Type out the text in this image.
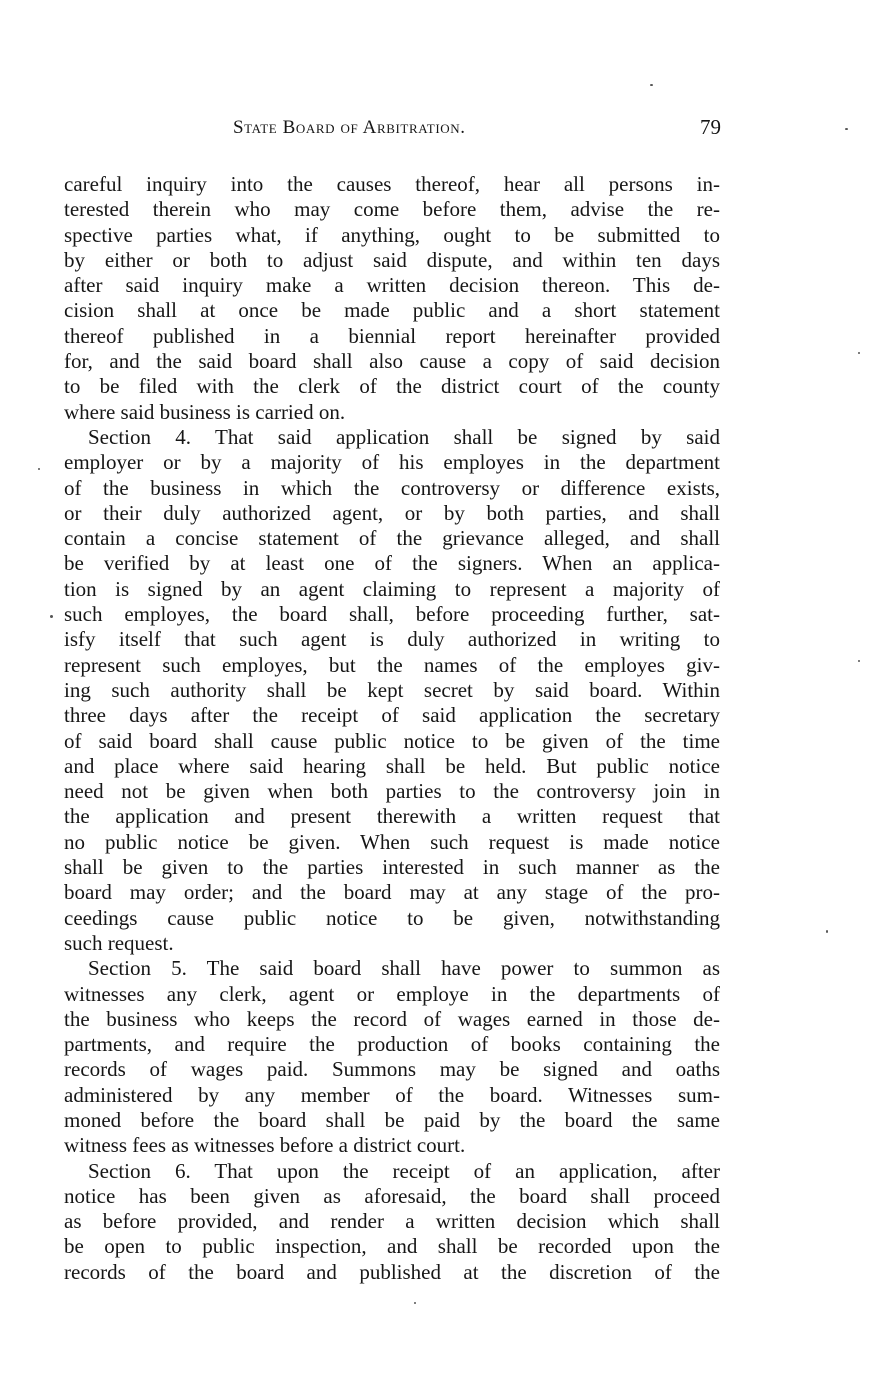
State Board of Arbitration.	79
careful inquiry into the causes thereof, hear all persons in-
terested therein who may come before them, advise the re-
spective parties what, if anything, ought to be submitted to
by either or both to adjust said dispute, and within ten days
after said inquiry make a written decision thereon. This de-
cision shall at once be made public and a short statement
thereof published in a biennial report hereinafter provided
for, and the said board shall also cause a copy of said decision
to be filed with the clerk of the district court of the county
where said business is carried on.
Section 4. That said application shall be signed by said
employer or by a majority of his employes in the department
of the business in which the controversy or difference exists,
or their duly authorized agent, or by both parties, and shall
contain a concise statement of the grievance alleged, and shall
be verified by at least one of the signers. When an applica-
tion is signed by an agent claiming to represent a majority of
such employes, the board shall, before proceeding further, sat-
isfy itself that such agent is duly authorized in writing to
represent such employes, but the names of the employes giv-
ing such authority shall be kept secret by said board. Within
three days after the receipt of said application the secretary
of said board shall cause public notice to be given of the time
and place where said hearing shall be held. But public notice
need not be given when both parties to the controversy join in
the application and present therewith a written request that
no public notice be given. When such request is made notice
shall be given to the parties interested in such manner as the
board may order; and the board may at any stage of the pro-
ceedings cause public notice to be given, notwithstanding
such request.
Section 5. The said board shall have power to summon as
witnesses any clerk, agent or employe in the departments of
the business who keeps the record of wages earned in those de-
partments, and require the production of books containing the
records of wages paid. Summons may be signed and oaths
administered by any member of the board. Witnesses sum-
moned before the board shall be paid by the board the same
witness fees as witnesses before a district court.
Section 6. That upon the receipt of an application, after
notice has been given as aforesaid, the board shall proceed
as before provided, and render a written decision which shall
be open to public inspection, and shall be recorded upon the
records of the board and published at the discretion of the
